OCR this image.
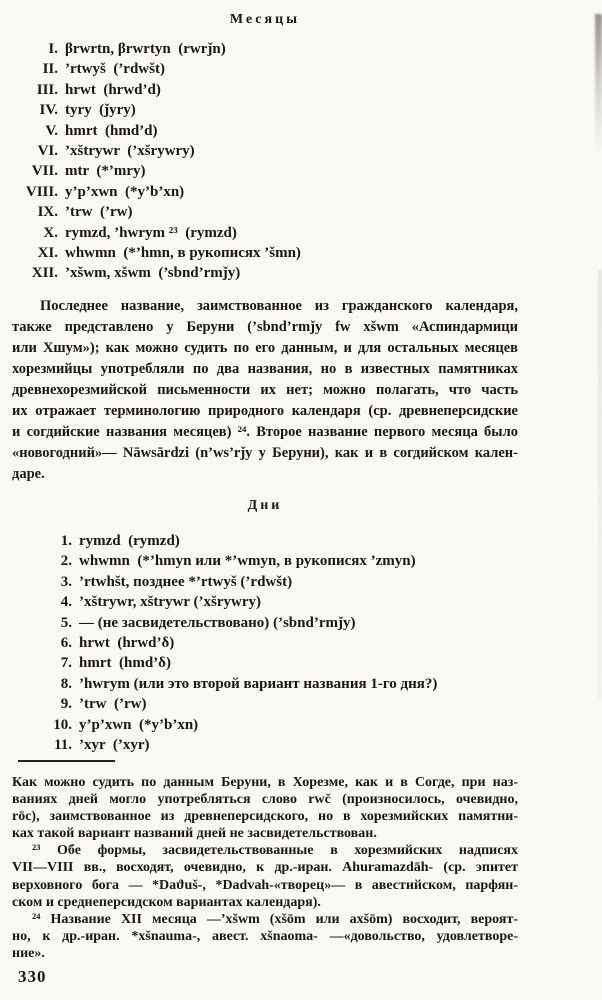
Месяцы
I. βrwrtn, βrwrtyn  (rwrǰn)
II. ’rtwyš  (’rdwšt)
III. hrwt  (hrwd’d)
IV. tyry  (ǰyry)
V. hmrt  (hmd’d)
VI. ’xštrywr  (’xšrywry)
VII. mtr  (*’mry)
VIII. y’p’xwn  (*y’b’xn)
IX. ’trw  (’rw)
X. rymzd, ’hwrym ²³  (rymzd)
XI. whwmn  (*’hmn, в рукописях ’šmn)
XII. ’xšwm, xšwm  (’sbnd’rmǰy)
Последнее название, заимствованное из гражданского календаря,
также представлено у Беруни (’sbnd’rmǰy fw xšwm «Аспиндармици
или Хшум»); как можно судить по его данным, и для остальных месяцев
хорезмийцы употребляли по два названия, но в известных памятниках
древнехорезмийской письменности их нет; можно полагать, что часть
их отражает терминологию природного календаря (ср. древнеперсидские
и согдийские названия месяцев) ²⁴. Второе название первого месяца было
«новогодний»— Nāwsārdzi (n’ws’rǰy у Беруни), как и в согдийском кален-
даре.
Дни
1. rymzd  (rymzd)
2. whwmn  (*’hmyn или *’wmyn, в рукописях ’zmyn)
3. ’rtwhšt, позднее *’rtwyš (’rdwšt)
4. ’xštrywr, xštrywr (’xšrywry)
5. — (не засвидетельствовано) (’sbnd’rmǰy)
6. hrwt  (hrwd’δ)
7. hmrt  (hmd’δ)
8. ’hwrym (или это второй вариант названия 1-го дня?)
9. ’trw  (’rw)
10. y’p’xwn  (*y’b’xn)
11. ’xyr  (’xyr)
Как можно судить по данным Беруни, в Хорезме, как и в Согде, при наз-
ваниях дней могло употребляться слово rwč (произносилось, очевидно,
rōc), заимствованное из древнеперсидского, но в хорезмийских памятни-
ках такой вариант названий дней не засвидетельствован.
²³ Обе формы, засвидетельствованные в хорезмийских надписях
VII—VIII вв., восходят, очевидно, к др.-иран. Ahuramazdāh- (ср. эпитет
верховного бога — *Daϑuš-, *Dadvah-«творец»— в авестийском, парфян-
ском и среднеперсидском вариантах календаря).
²⁴ Название XII месяца —’xšwm (xšōm или axšōm) восходит, вероят-
но, к др.-иран. *xšnauma-, авест. xšnaoma- —«довольство, удовлетворе-
ние».
330
